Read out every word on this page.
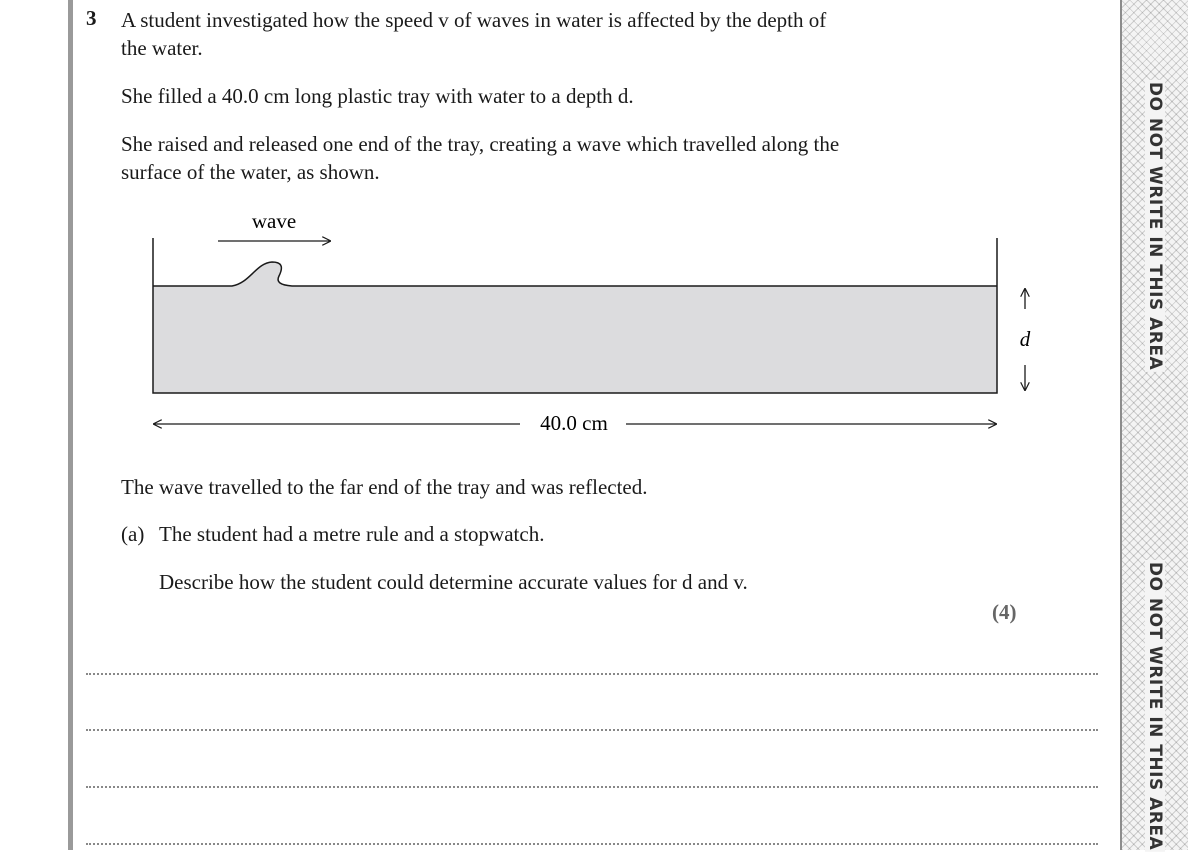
3 A student investigated how the speed v of waves in water is affected by the depth of

the water.

She filled a 40.0 cm long plastic tray with water to a depth d.

She raised and released one end of the tray, creating a wave which travelled along the

surface of the water, as shown.

wave
d
40.0 cm

The wave travelled to the far end of the tray and was reflected.

(a) The student had a metre rule and a stopwatch.

Describe how the student could determine accurate values for d and v.

(4)

DO NOT WRITE IN THIS AREA
DO NOT WRITE IN THIS AREA
